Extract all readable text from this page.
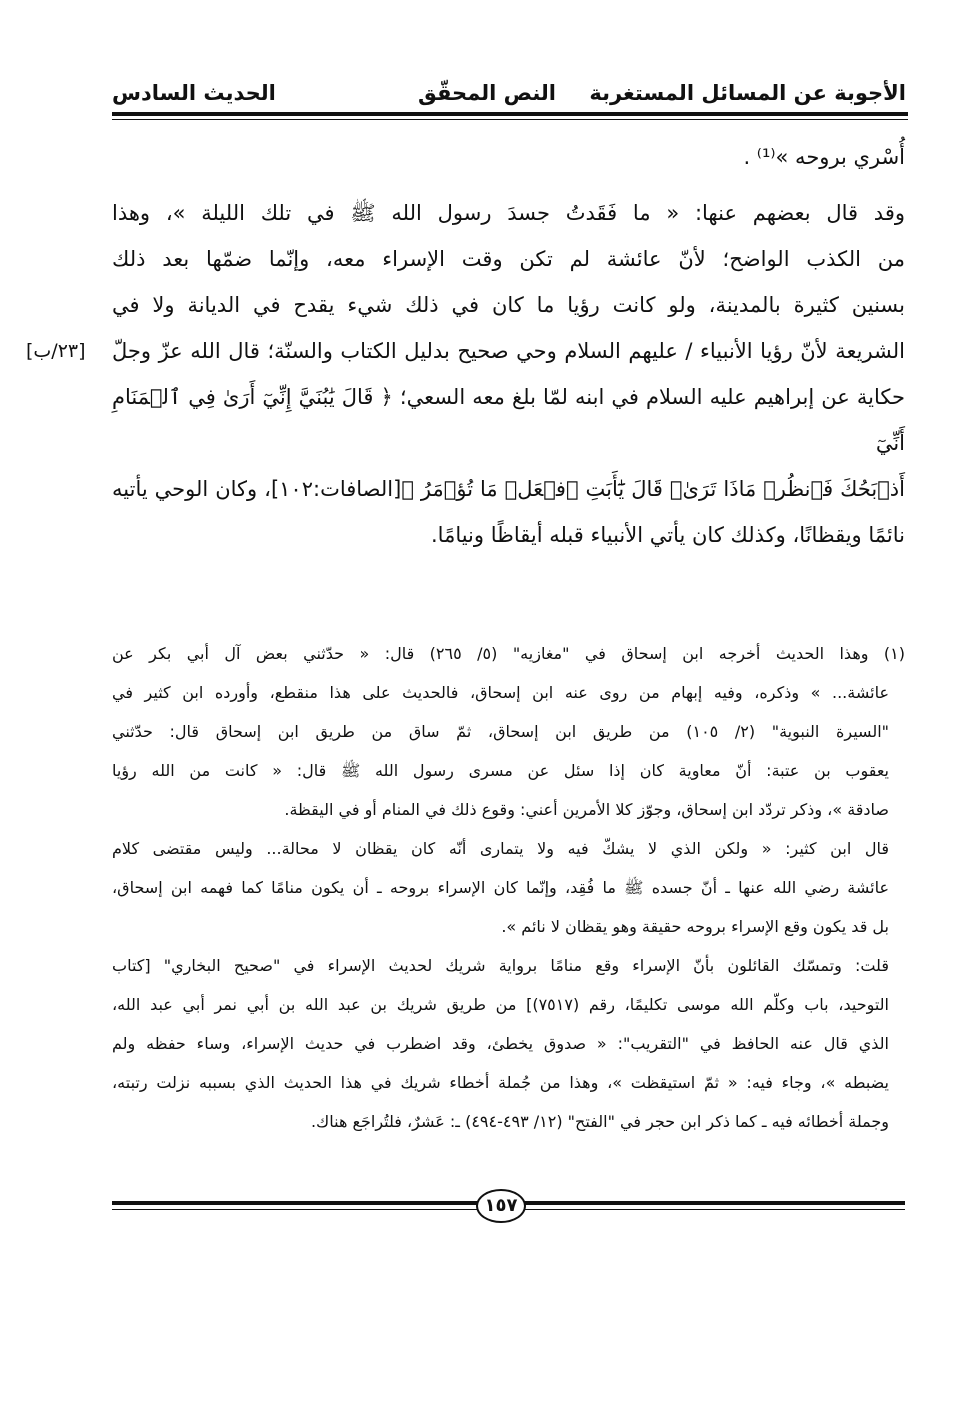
الأجوبة عن المسائل المستغربة
النص المحقّق
الحديث السادس
أُسْري بروحه »⁽¹⁾ .
وقد قال بعضهم عنها: « ما فَقَدتُ جسدَ رسول الله ﷺ في تلك الليلة »، وهذا
من الكذب الواضح؛ لأنّ عائشة لم تكن وقت الإسراء معه، وإنّما ضمّها بعد ذلك
بسنين كثيرة بالمدينة، ولو كانت رؤيا ما كان في ذلك شيء يقدح في الديانة ولا في
الشريعة لأنّ رؤيا الأنبياء / عليهم السلام وحي صحيح بدليل الكتاب والسنّة؛ قال الله عزّ وجلّ
[٢٣/ب]
حكاية عن إبراهيم عليه السلام في ابنه لمّا بلغ معه السعي؛ ﴿ قَالَ يَٰبُنَيَّ إِنِّيٓ أَرَىٰ فِي ٱلۡمَنَامِ أَنِّيٓ
أَذۡبَحُكَ فَٱنظُرۡ مَاذَا تَرَىٰۚ قَالَ يَٰٓأَبَتِ ٱفۡعَلۡ مَا تُؤۡمَرُ ﴾[الصافات:١٠٢]، وكان الوحي يأتيه
نائمًا ويقظانًا، وكذلك كان يأتي الأنبياء قبله أيقاظًا ونيامًا.
(١) وهذا الحديث أخرجه ابن إسحاق في "مغازيه" (٥/ ٢٦٥) قال: « حدّثني بعض آل أبي بكر عن
عائشة... » وذكره، وفيه إبهام من روى عنه ابن إسحاق، فالحديث على هذا منقطع، وأورده ابن كثير في
"السيرة النبوية" (٢/ ١٠٥) من طريق ابن إسحاق، ثمّ ساق من طريق ابن إسحاق قال: حدّثني
يعقوب بن عتبة: أنّ معاوية كان إذا سئل عن مسرى رسول الله ﷺ قال: « كانت من الله رؤيا
صادقة »، وذكر تردّد ابن إسحاق، وجوّز كلا الأمرين أعني: وقوع ذلك في المنام أو في اليقظة.
قال ابن كثير: « ولكن الذي لا يشكّ فيه ولا يتمارى أنّه كان يقظان لا محالة... وليس مقتضى كلام
عائشة رضي الله عنها ـ أنّ جسده ﷺ ما فُقِد، وإنّما كان الإسراء بروحه ـ أن يكون منامًا كما فهمه ابن إسحاق،
بل قد يكون وقع الإسراء بروحه حقيقة وهو يقظان لا نائم ».
قلت: وتمسّك القائلون بأنّ الإسراء وقع منامًا برواية شريك لحديث الإسراء في "صحيح البخاري" [كتاب
التوحيد، باب وكلّم الله موسى تكليمًا، رقم (٧٥١٧)] من طريق شريك بن عبد الله بن أبي نمر أبي عبد الله،
الذي قال عنه الحافظ في "التقريب": « صدوق يخطئ، وقد اضطرب في حديث الإسراء، وساء حفظه ولم
يضبطه »، وجاء فيه: « ثمّ استيقظت »، وهذا من جُملة أخطاء شريك في هذا الحديث الذي بسببه نزلت رتبته،
وجملة أخطائه فيه ـ كما ذكر ابن حجر في "الفتح" (١٢/ ٤٩٣-٤٩٤) ـ: عَشرٌ، فلتُراجَع هناك.
١٥٧
